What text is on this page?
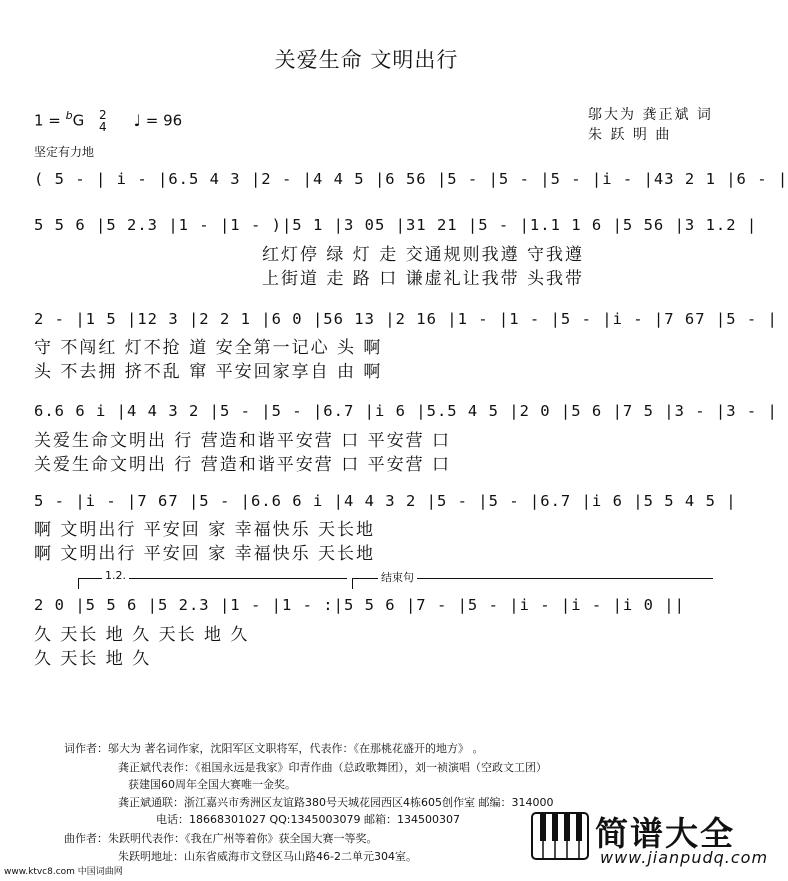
关爱生命 文明出行
1 = $^b$G 2
4 ♩ = 96
坚定有力地
邬大为 龚正斌 词
朱 跃 明 曲
( 5 - | i - |6.5 4 3 |2 - |4 4 5 |6 56 |5 - |5 - |5 - |i - |43 2 1 |6 - |
5 5 6 |5 2.3 |1 - |1 - )|5 1 |3 05 |31 21 |5 - |1.1 1 6 |5 56 |3 1.2 |
红灯停 绿 灯 走 交通规则我遵 守我遵
上街道 走 路 口 谦虚礼让我带 头我带
2 - |1 5 |12 3 |2 2 1 |6 0 |56 13 |2 16 |1 - |1 - |5 - |i - |7 67 |5 - |
守 不闯红 灯不抢 道 安全第一记心 头 啊
头 不去拥 挤不乱 窜 平安回家享自 由 啊
6.6 6 i |4 4 3 2 |5 - |5 - |6.7 |i 6 |5.5 4 5 |2 0 |5 6 |7 5 |3 - |3 - |
关爱生命文明出 行 营造和谐平安营 口 平安营 口
关爱生命文明出 行 营造和谐平安营 口 平安营 口
5 - |i - |7 67 |5 - |6.6 6 i |4 4 3 2 |5 - |5 - |6.7 |i 6 |5 5 4 5 |
啊 文明出行 平安回 家 幸福快乐 天长地
啊 文明出行 平安回 家 幸福快乐 天长地
1.2.	结束句
2 0 |5 5 6 |5 2.3 |1 - |1 - :|5 5 6 |7 - |5 - |i - |i - |i 0 ||
久 天长 地 久 天长 地 久
久 天长 地 久
词作者：邬大为 著名词作家，沈阳军区文职将军，代表作：《在那桃花盛开的地方》 。
龚正斌代表作：《祖国永远是我家》印青作曲（总政歌舞团），刘一祯演唱（空政文工团）
获建国60周年全国大赛唯一金奖。
龚正斌通联：浙江嘉兴市秀洲区友谊路380号天城花园西区4栋605创作室 邮编：314000
电话：18668301027 QQ:1345003079 邮箱：134500307
曲作者：朱跃明代表作：《我在广州等着你》获全国大赛一等奖。
朱跃明地址：山东省威海市文登区马山路46-2二单元304室。
简谱大全
www.jianpudq.com
www.ktvc8.com 中国词曲网
